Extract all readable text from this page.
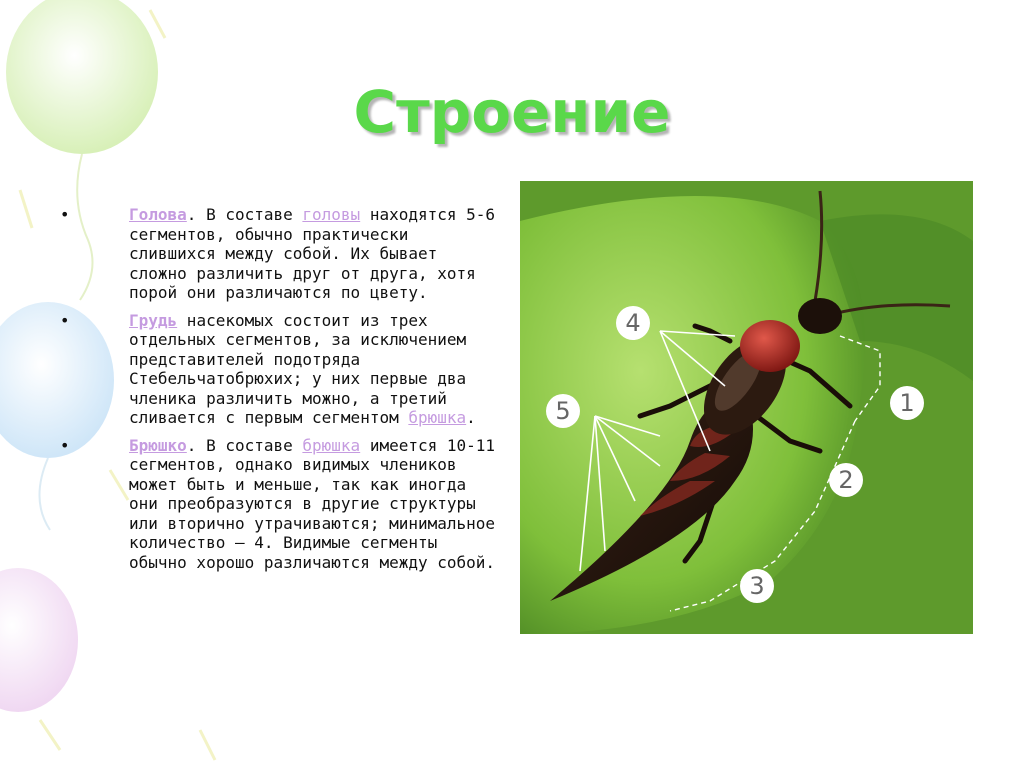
Строение
•	Голова. В составе головы находятся 5-6 сегментов, обычно практически слившихся между собой. Их бывает сложно различить друг от друга, хотя порой они различаются по цвету.
•	Грудь насекомых состоит из трех отдельных сегментов, за исключением представителей подотряда Стебельчатобрюхих; у них первые два членика различить можно, а третий сливается с первым сегментом брюшка.
•	Брюшко. В составе брюшка имеется 10-11 сегментов, однако видимых члеников может быть и меньше, так как иногда они преобразуются в другие структуры или вторично утрачиваются; минимальное количество – 4. Видимые сегменты обычно хорошо различаются между собой.
4
5	1
2
3
